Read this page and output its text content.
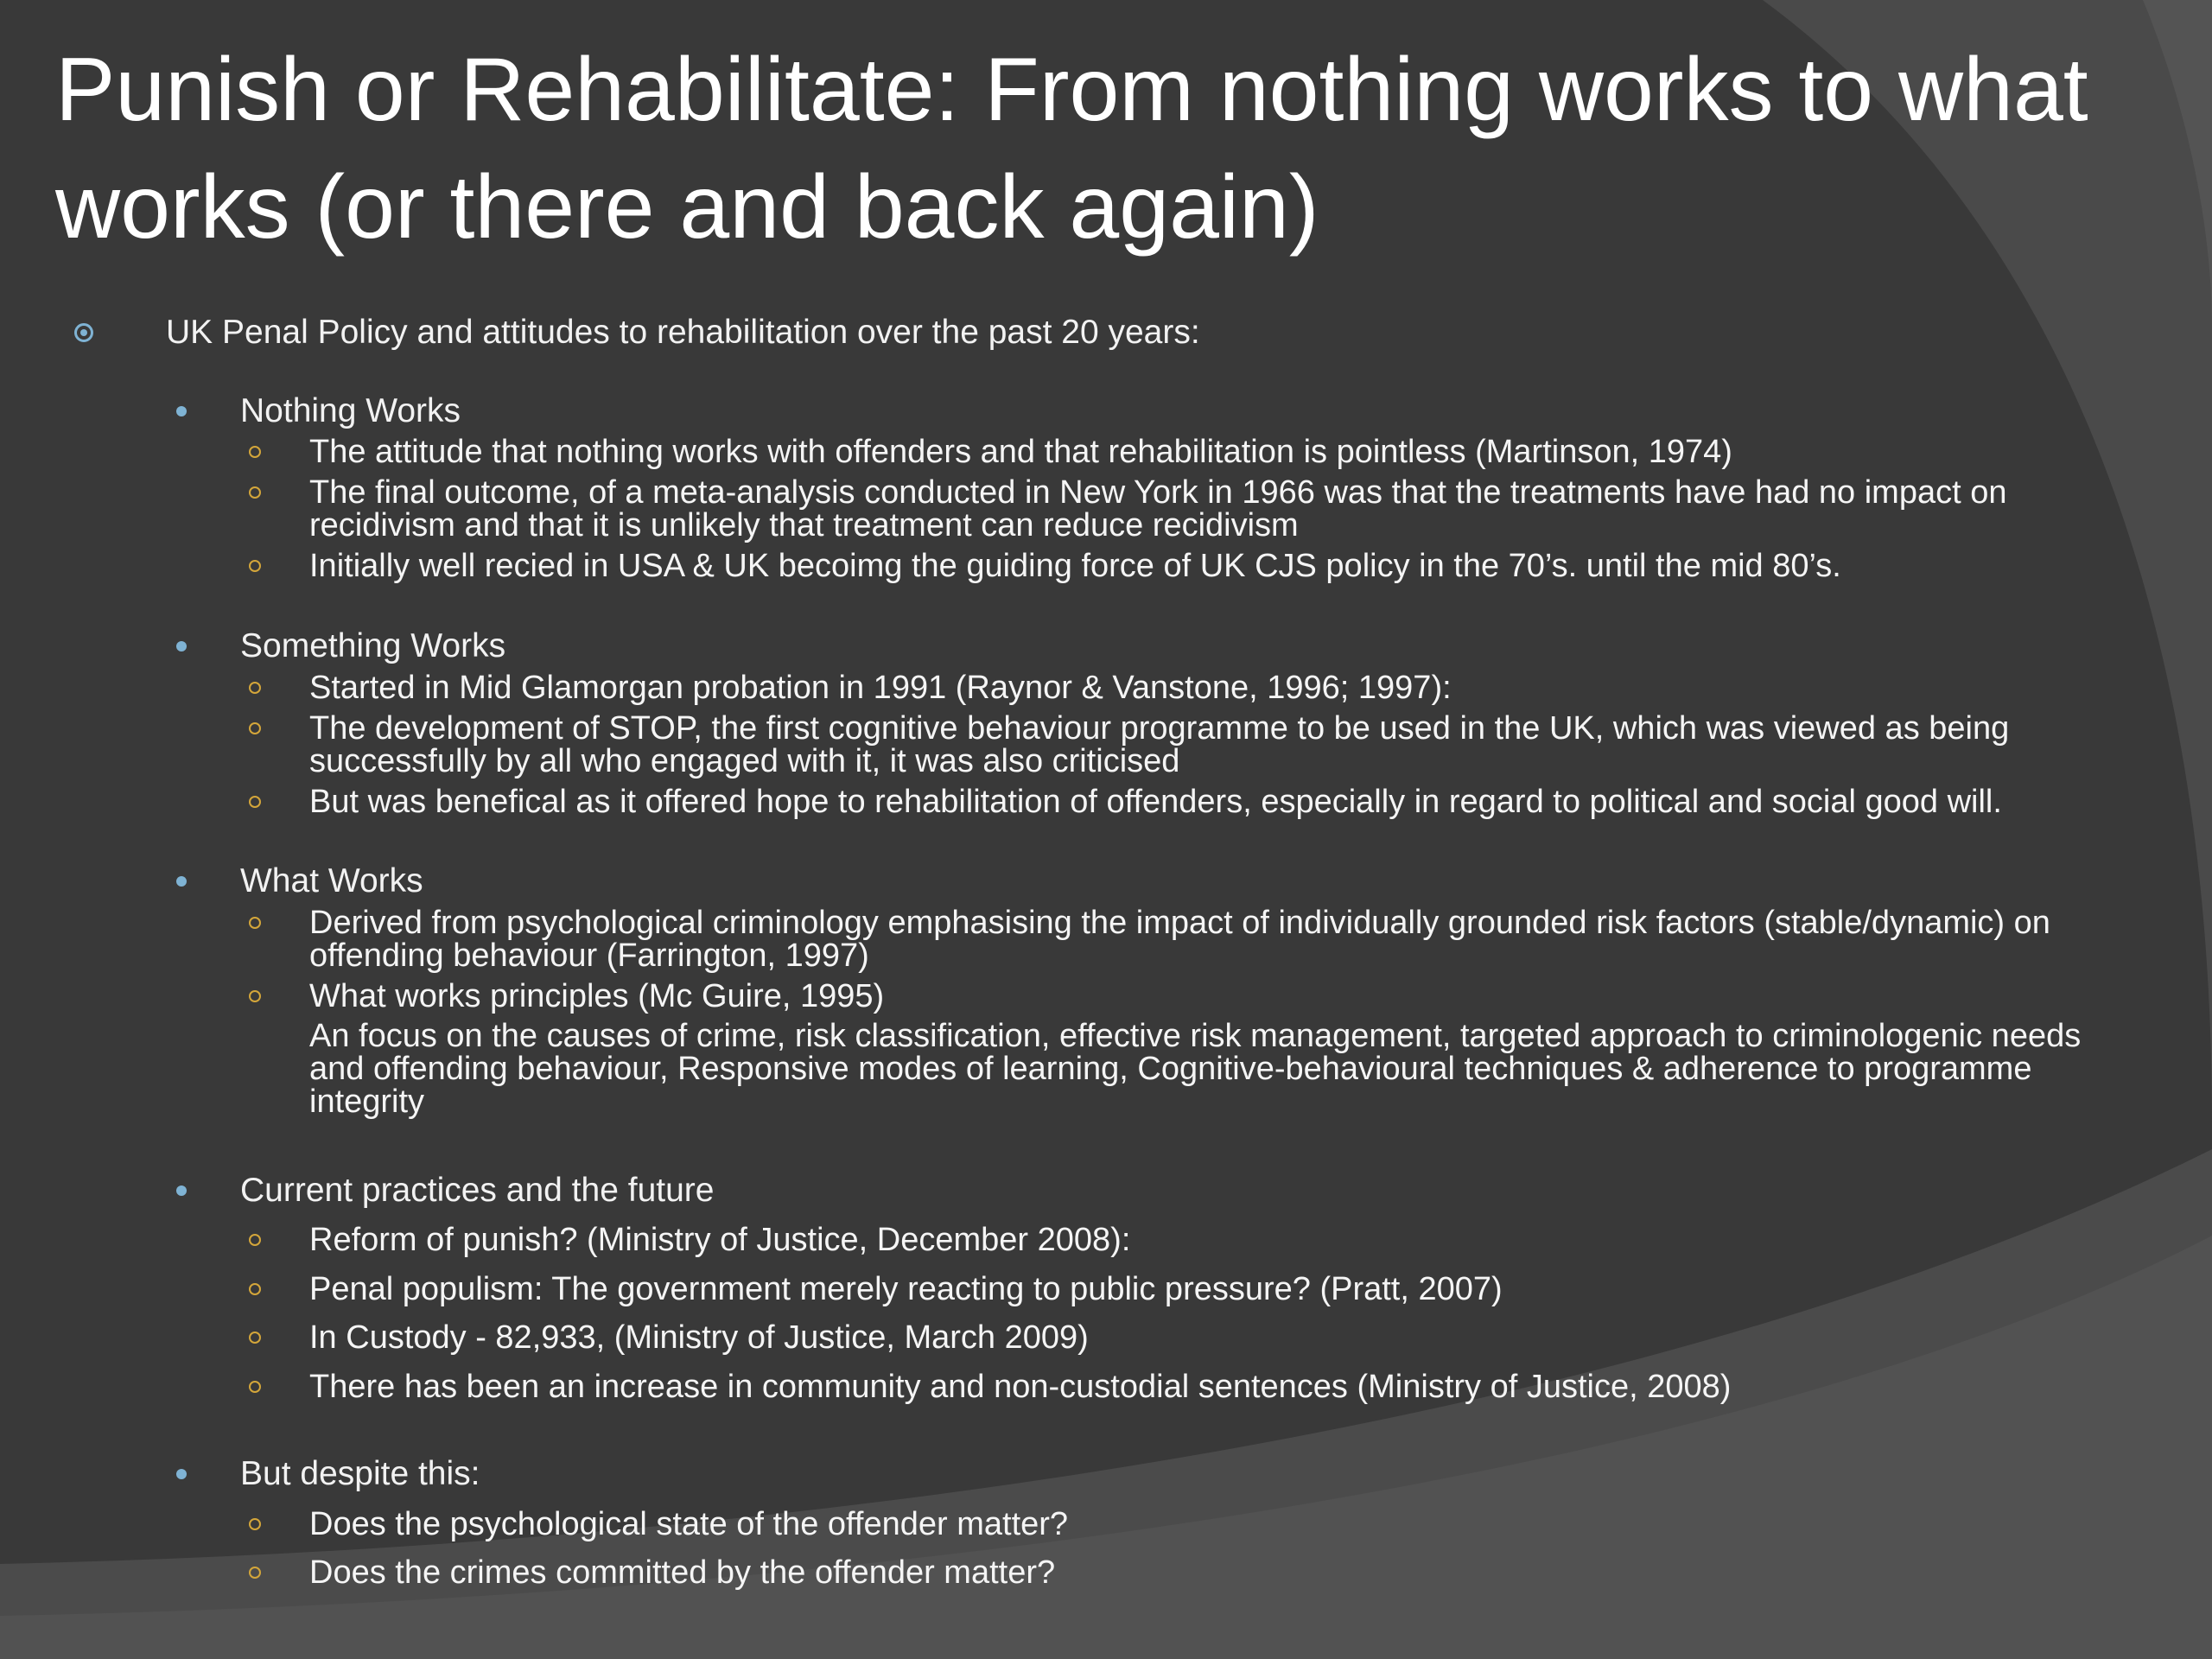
Punish or Rehabilitate: From nothing works to what works (or there and back again)
UK Penal Policy and attitudes to rehabilitation over the past 20 years:
Nothing Works
The attitude that nothing works with offenders and that rehabilitation is pointless (Martinson, 1974)
The final outcome, of a meta-analysis conducted in New York in 1966 was that the treatments have had no impact on recidivism and that it is unlikely that treatment can reduce recidivism
Initially well recied in USA & UK becoimg the guiding force of UK CJS policy in the 70’s. until the mid 80’s.
Something Works
Started in Mid Glamorgan probation in 1991 (Raynor & Vanstone, 1996; 1997):
The development of STOP, the first cognitive behaviour programme to be used in the UK, which was viewed as being successfully by all who engaged with it, it was also criticised
But was benefical as it offered hope to rehabilitation of offenders, especially in regard to political and social good will.
What Works
Derived from psychological criminology emphasising the impact of individually grounded risk factors (stable/dynamic) on offending behaviour (Farrington, 1997)
What works principles (Mc Guire, 1995)
An focus on the causes of crime, risk classification, effective risk management, targeted approach to criminologenic needs and offending behaviour, Responsive modes of learning, Cognitive-behavioural techniques & adherence to programme integrity
Current practices and the future
Reform of punish? (Ministry of Justice, December 2008):
Penal populism: The government merely reacting to public pressure? (Pratt, 2007)
In Custody - 82,933, (Ministry of Justice, March 2009)
There has been an increase in community and non-custodial sentences (Ministry of Justice, 2008)
But despite this:
Does the psychological state of the offender matter?
Does the crimes committed by the offender matter?
